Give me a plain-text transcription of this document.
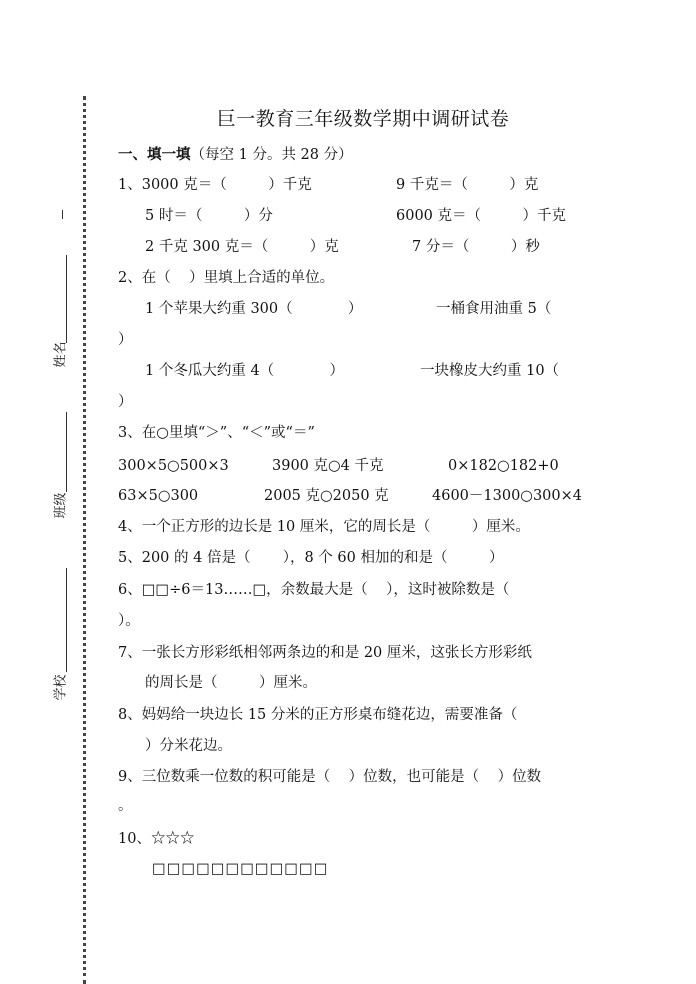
姓名
班级
学校
巨一教育三年级数学期中调研试卷
一、填一填（每空 1 分。共 28 分）
1、3000 克＝（         ）千克	9 千克＝（         ）克
5 时＝（         ）分	6000 克＝（         ）千克
2 千克 300 克＝（         ）克	7 分＝（         ）秒
2、在（    ）里填上合适的单位。
1 个苹果大约重 300（            ）	一桶食用油重 5（
）
1 个冬瓜大约重 4（            ）	一块橡皮大约重 10（
）
3、在○里填“＞”、“＜”或“＝”
300×5○500×3	3900 克○4 千克	0×182○182+0
63×5○300	2005 克○2050 克	4600－1300○300×4
4、一个正方形的边长是 10 厘米，它的周长是（         ）厘米。
5、200 的 4 倍是（       ），8 个 60 相加的和是（         ）
6、□□÷6＝13……□，余数最大是（    ），这时被除数是（
）。
7、一张长方形彩纸相邻两条边的和是 20 厘米，这张长方形彩纸
的周长是（         ）厘米。
8、妈妈给一块边长 15 分米的正方形桌布缝花边，需要准备（
）分米花边。
9、三位数乘一位数的积可能是（    ）位数，也可能是（    ）位数
。
10、☆☆☆
□□□□□□□□□□□□
